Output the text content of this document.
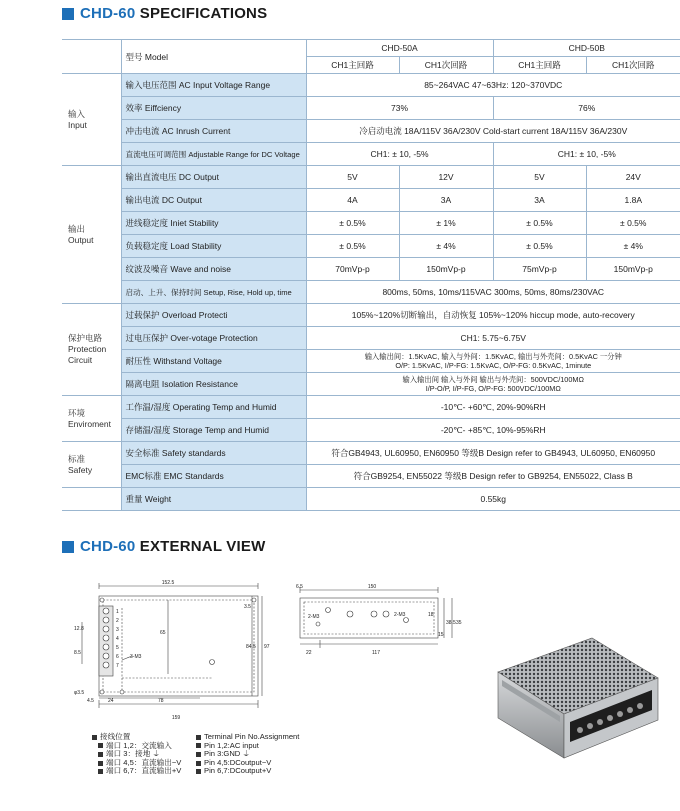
CHD-60 SPECIFICATIONS
	型号 Model	CHD-50A		CHD-50B	
		CH1主回路	CH1次回路	CH1主回路	CH1次回路

输入
Input	输入电压范围 AC Input Voltage Range	85~264VAC 47~63Hz: 120~370VDC			
	效率 Eiffciency	73%		76%	
	冲击电流 AC Inrush Current	冷启动电流 18A/115V 36A/230V Cold-start current 18A/115V 36A/230V			
	直流电压可调范围 Adjustable Range for DC Voltage	CH1: ± 10, -5%		CH1: ± 10, -5%	

输出
Output	输出直流电压 DC Output	5V	12V	5V	24V
	输出电流 DC Output	4A	3A	3A	1.8A
	进线稳定度 Iniet Stability	± 0.5%	± 1%	± 0.5%	± 0.5%
	负载稳定度 Load Stability	± 0.5%	± 4%	± 0.5%	± 4%
	纹波及噪音 Wave and noise	70mVp-p	150mVp-p	75mVp-p	150mVp-p
	启动、上升、保持时间 Setup, Rise, Hold up, time	800ms, 50ms, 10ms/115VAC 300ms, 50ms, 80ms/230VAC			

保护电路
Protection
Circuit	过载保护 Overload Protecti	105%~120%切断输出，自动恢复 105%~120% hiccup mode, auto-recovery			
	过电压保护 Over-votage Protection	CH1: 5.75~6.75V			
	耐压性 Withstand Voltage	输入输出间：1.5KvAC, 输入与外间：1.5KvAC, 输出与外壳间：0.5KvAC 一分钟
O/P: 1.5KvAC, I/P-FG: 1.5KvAC, O/P-FG: 0.5KvAC, 1minute			

	隔离电阻 Isolation Resistance	输入输出间 输入与外间 输出与外壳间：500VDC/100MΩ
I/P-O/P, I/P-FG, O/P-FG: 500VDC/100MΩ			

环境
Enviroment	工作温/湿度 Operating Temp and Humid	-10℃- +60℃, 20%-90%RH			
	存储温/湿度 Storage Temp and Humid	-20℃- +85℃, 10%-95%RH			

标准
Safety	安全标准 Safety standards	符合GB4943, UL60950, EN60950 等级B Design refer to GB4943, UL60950, EN60950			
	EMC标准 EMC Standards	符合GB9254, EN55022 等级B Design refer to GB9254, EN55022, Class B			
	重量 Weight	0.55kg			
CHD-60 EXTERNAL VIEW
152.5
159
4.5	24	78
3.5
84.5 97
12.8
8.5
65
3-M3
φ3.5
1
2
3
4
5
6
7
150
6.5
22	117
2-M3	2-M3	18
38.5
15
35
接线位置
端口 1,2：交流输入
端口 3：接地 ⏚
端口 4,5：直流输出−V
端口 6,7：直流输出+V
Terminal Pin No.Assignment
Pin 1,2:AC input
Pin 3:GND ⏚
Pin 4,5:DCoutput−V
Pin 6,7:DCoutput+V
